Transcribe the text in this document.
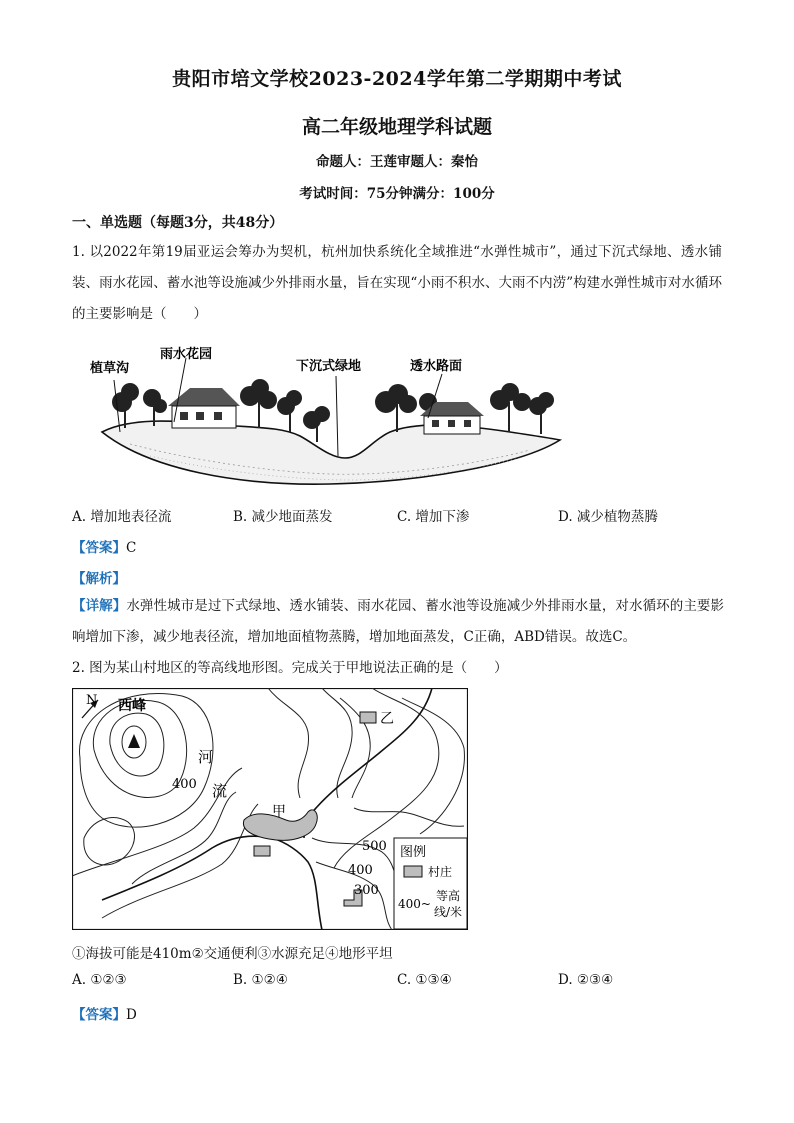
贵阳市培文学校2023-2024学年第二学期期中考试
高二年级地理学科试题
命题人：王莲审题人：秦怡
考试时间：75分钟满分：100分
一、单选题（每题3分，共48分）
1. 以2022年第19届亚运会筹办为契机，杭州加快系统化全域推进“水弹性城市”，通过下沉式绿地、透水铺装、雨水花园、蓄水池等设施减少外排雨水量，旨在实现“小雨不积水、大雨不内涝”构建水弹性城市对水循环的主要影响是（　　）
植草沟
雨水花园
下沉式绿地	透水路面
A. 增加地表径流	B. 减少地面蒸发	C. 增加下渗	D. 减少植物蒸腾
【答案】C
【解析】
【详解】水弹性城市是过下式绿地、透水铺装、雨水花园、蓄水池等设施减少外排雨水量，对水循环的主要影响增加下渗，减少地表径流，增加地面植物蒸腾，增加地面蒸发，C正确，ABD错误。故选C。
2. 图为某山村地区的等高线地形图。完成关于甲地说法正确的是（　　）
N 西峰
河
流
甲
乙
400
500
400
300
图例
村庄
400~
等高
线/米
①海拔可能是410m②交通便利③水源充足④地形平坦
A. ①②③	B. ①②④	C. ①③④	D. ②③④
【答案】D
